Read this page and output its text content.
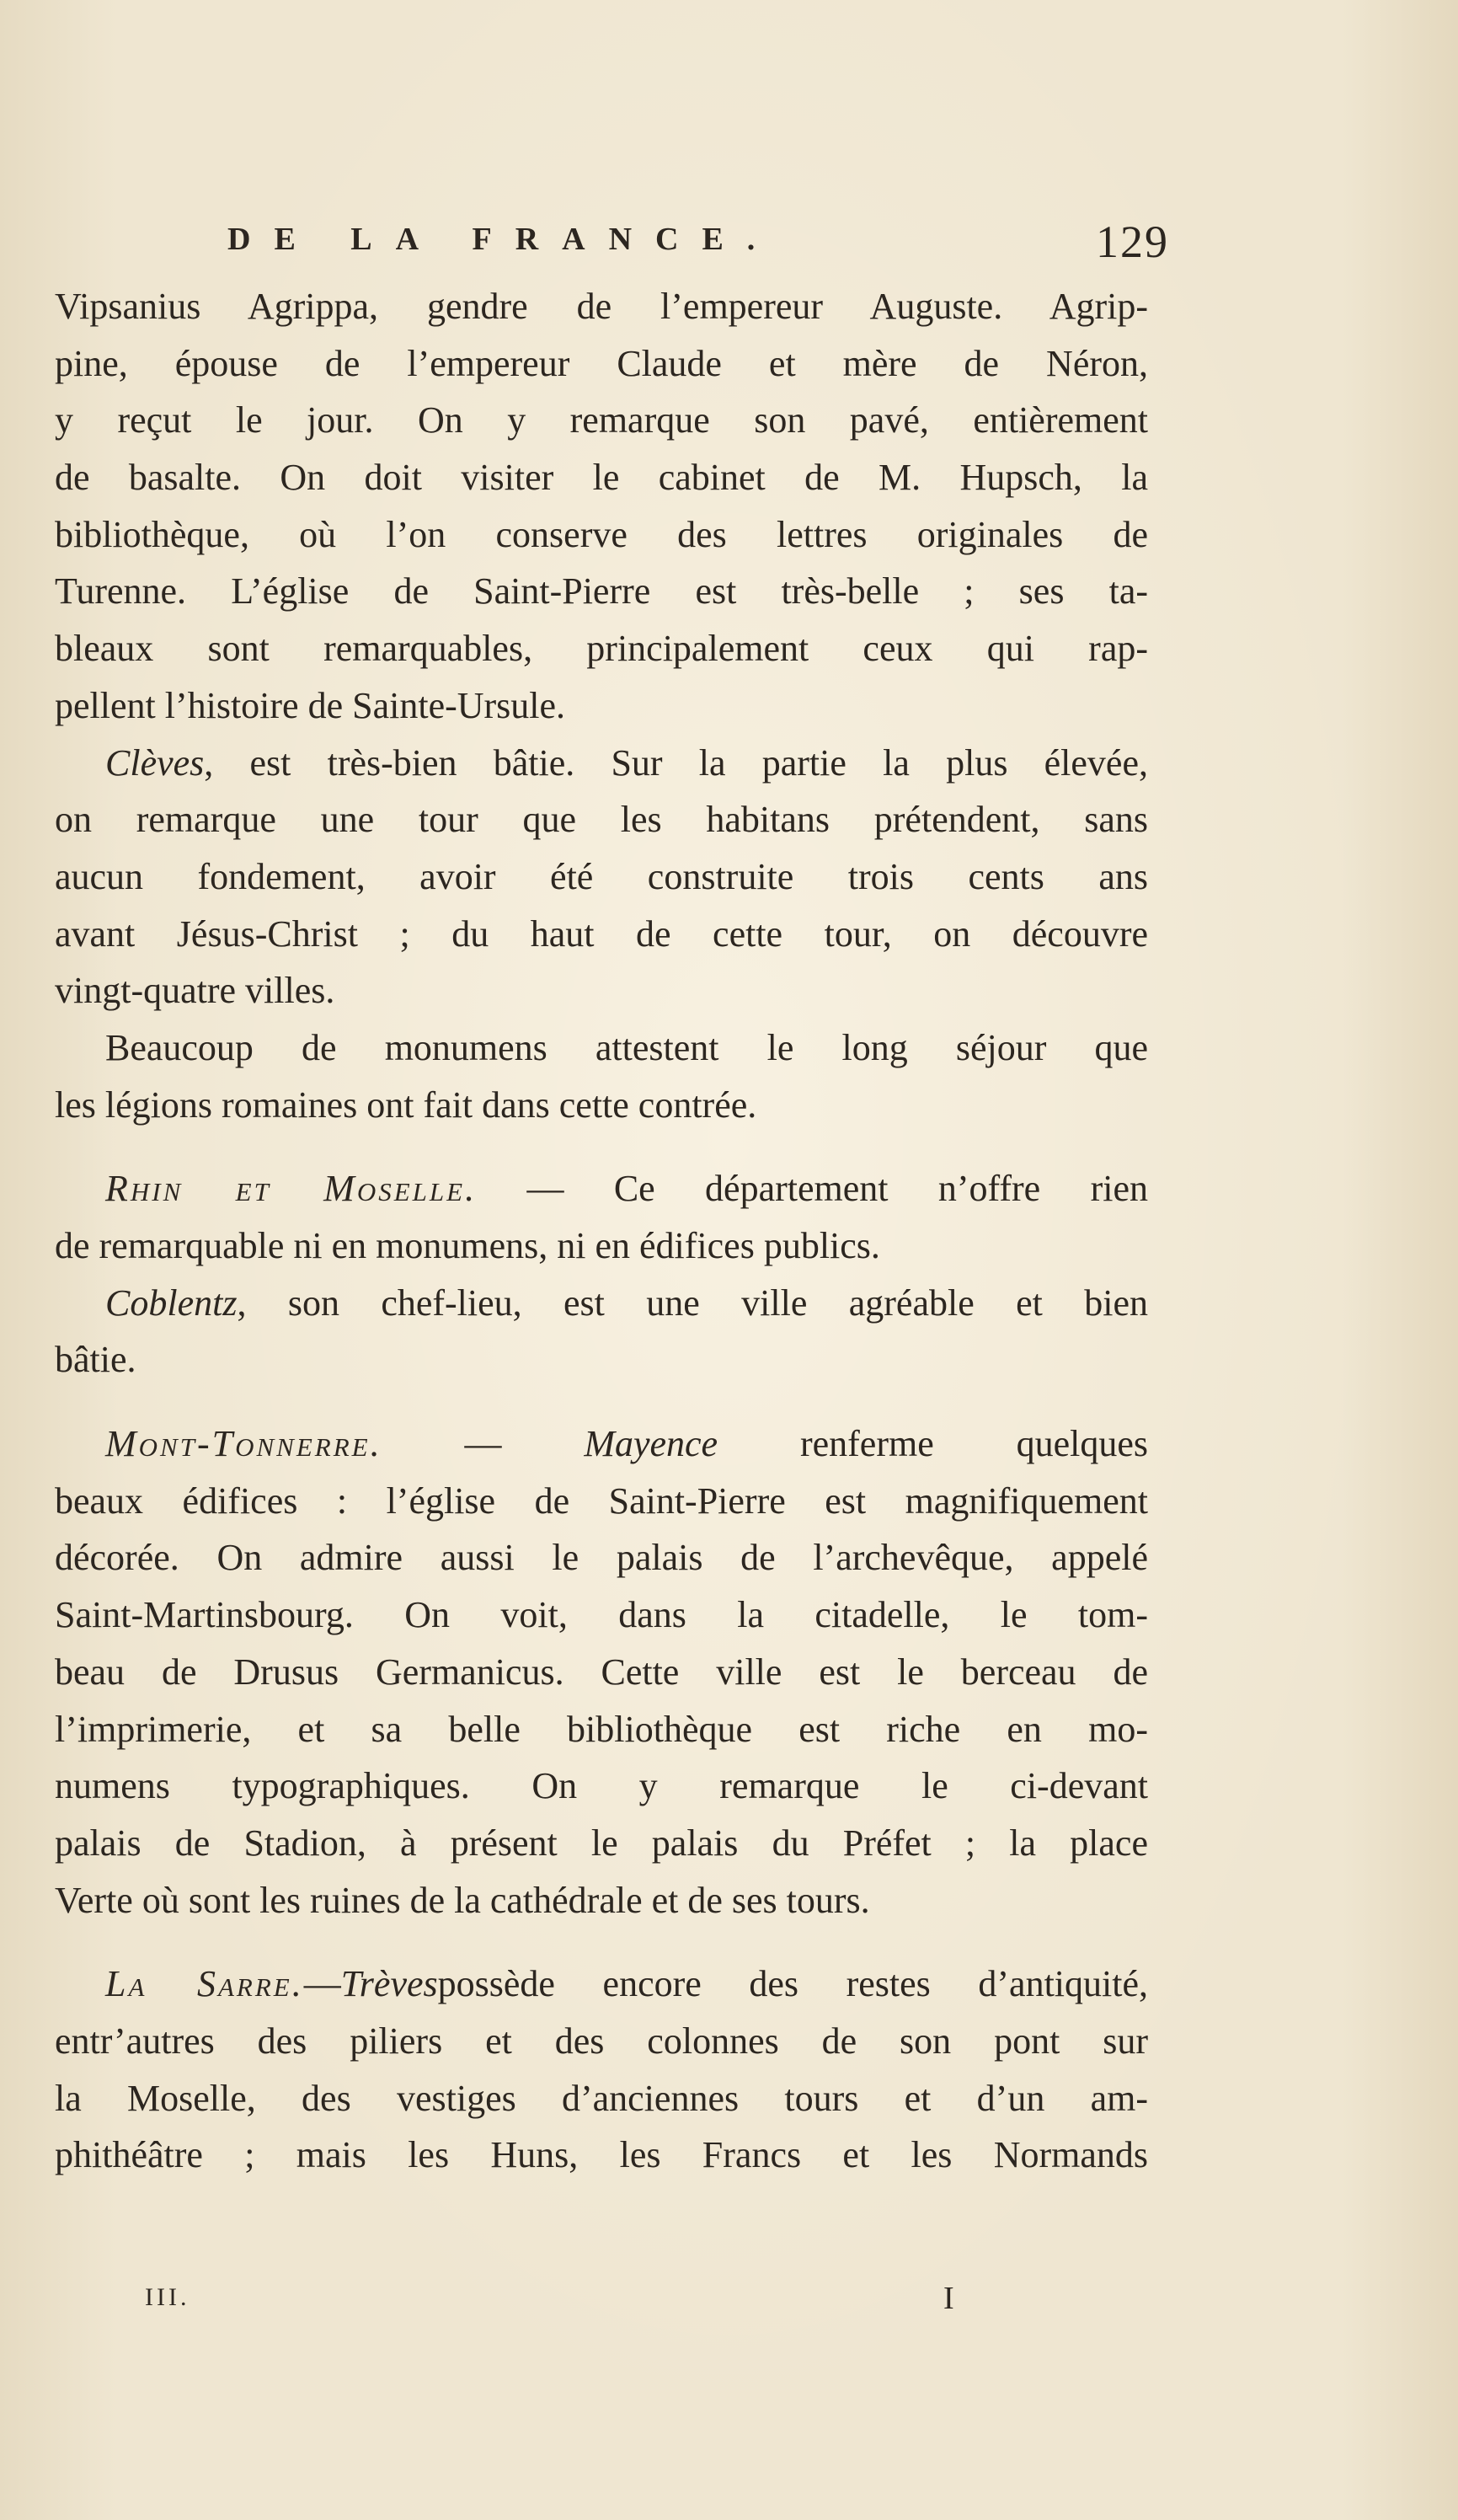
DE LA FRANCE.	129
Vipsanius Agrippa, gendre de l’empereur Auguste. Agrip-
pine, épouse de l’empereur Claude et mère de Néron,
y reçut le jour. On y remarque son pavé, entièrement
de basalte. On doit visiter le cabinet de M. Hupsch, la
bibliothèque, où l’on conserve des lettres originales de
Turenne. L’église de Saint-Pierre est très-belle ; ses ta-
bleaux sont remarquables, principalement ceux qui rap-
pellent l’histoire de Sainte-Ursule.
Clèves, est très-bien bâtie. Sur la partie la plus élevée,
on remarque une tour que les habitans prétendent, sans
aucun fondement, avoir été construite trois cents ans
avant Jésus-Christ ; du haut de cette tour, on découvre
vingt-quatre villes.
Beaucoup de monumens attestent le long séjour que
les légions romaines ont fait dans cette contrée.
Rhin et Moselle. — Ce département n’offre rien
de remarquable ni en monumens, ni en édifices publics.
Coblentz, son chef-lieu, est une ville agréable et bien
bâtie.
Mont-Tonnerre. — Mayence renferme quelques
beaux édifices : l’église de Saint-Pierre est magnifiquement
décorée. On admire aussi le palais de l’archevêque, appelé
Saint-Martinsbourg. On voit, dans la citadelle, le tom-
beau de Drusus Germanicus. Cette ville est le berceau de
l’imprimerie, et sa belle bibliothèque est riche en mo-
numens typographiques. On y remarque le ci-devant
palais de Stadion, à présent le palais du Préfet ; la place
Verte où sont les ruines de la cathédrale et de ses tours.
La Sarre.—Trèvespossède encore des restes d’antiquité,
entr’autres des piliers et des colonnes de son pont sur
la Moselle, des vestiges d’anciennes tours et d’un am-
phithéâtre ; mais les Huns, les Francs et les Normands
III.	I
